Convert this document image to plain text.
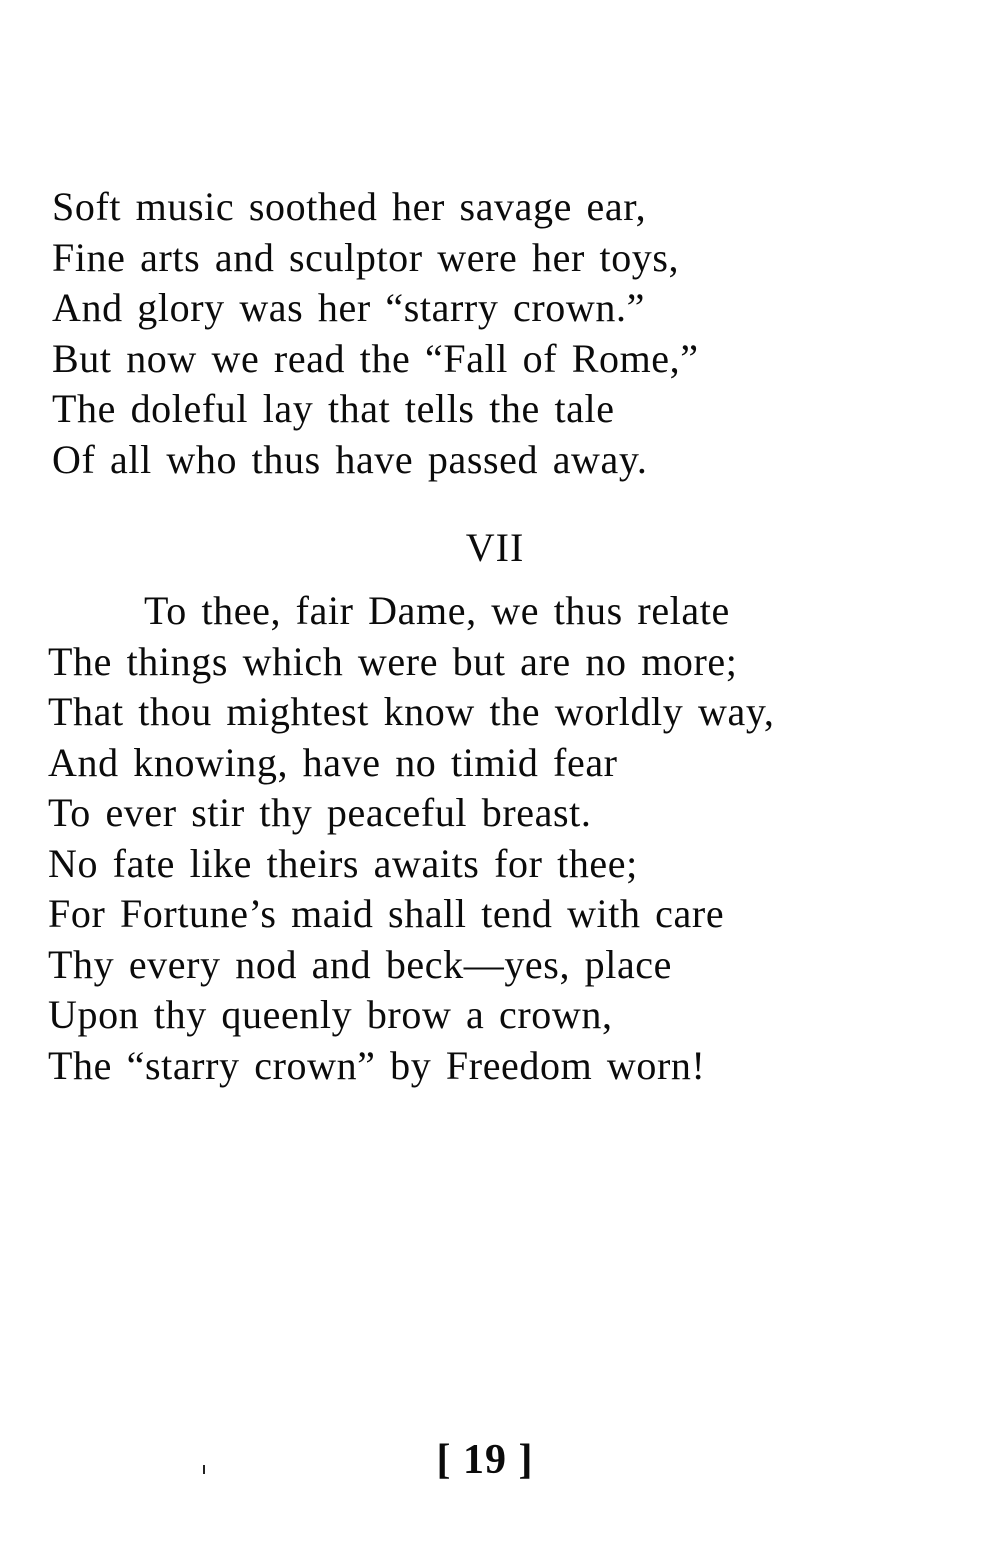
Soft music soothed her savage ear,
Fine arts and sculptor were her toys,
And glory was her “starry crown.”
But now we read the “Fall of Rome,”
The doleful lay that tells the tale
Of all who thus have passed away.
VII
To thee, fair Dame, we thus relate
The things which were but are no more;
That thou mightest know the worldly way,
And knowing, have no timid fear
To ever stir thy peaceful breast.
No fate like theirs awaits for thee;
For Fortune’s maid shall tend with care
Thy every nod and beck—yes, place
Upon thy queenly brow a crown,
The “starry crown” by Freedom worn!
[ 19 ]
